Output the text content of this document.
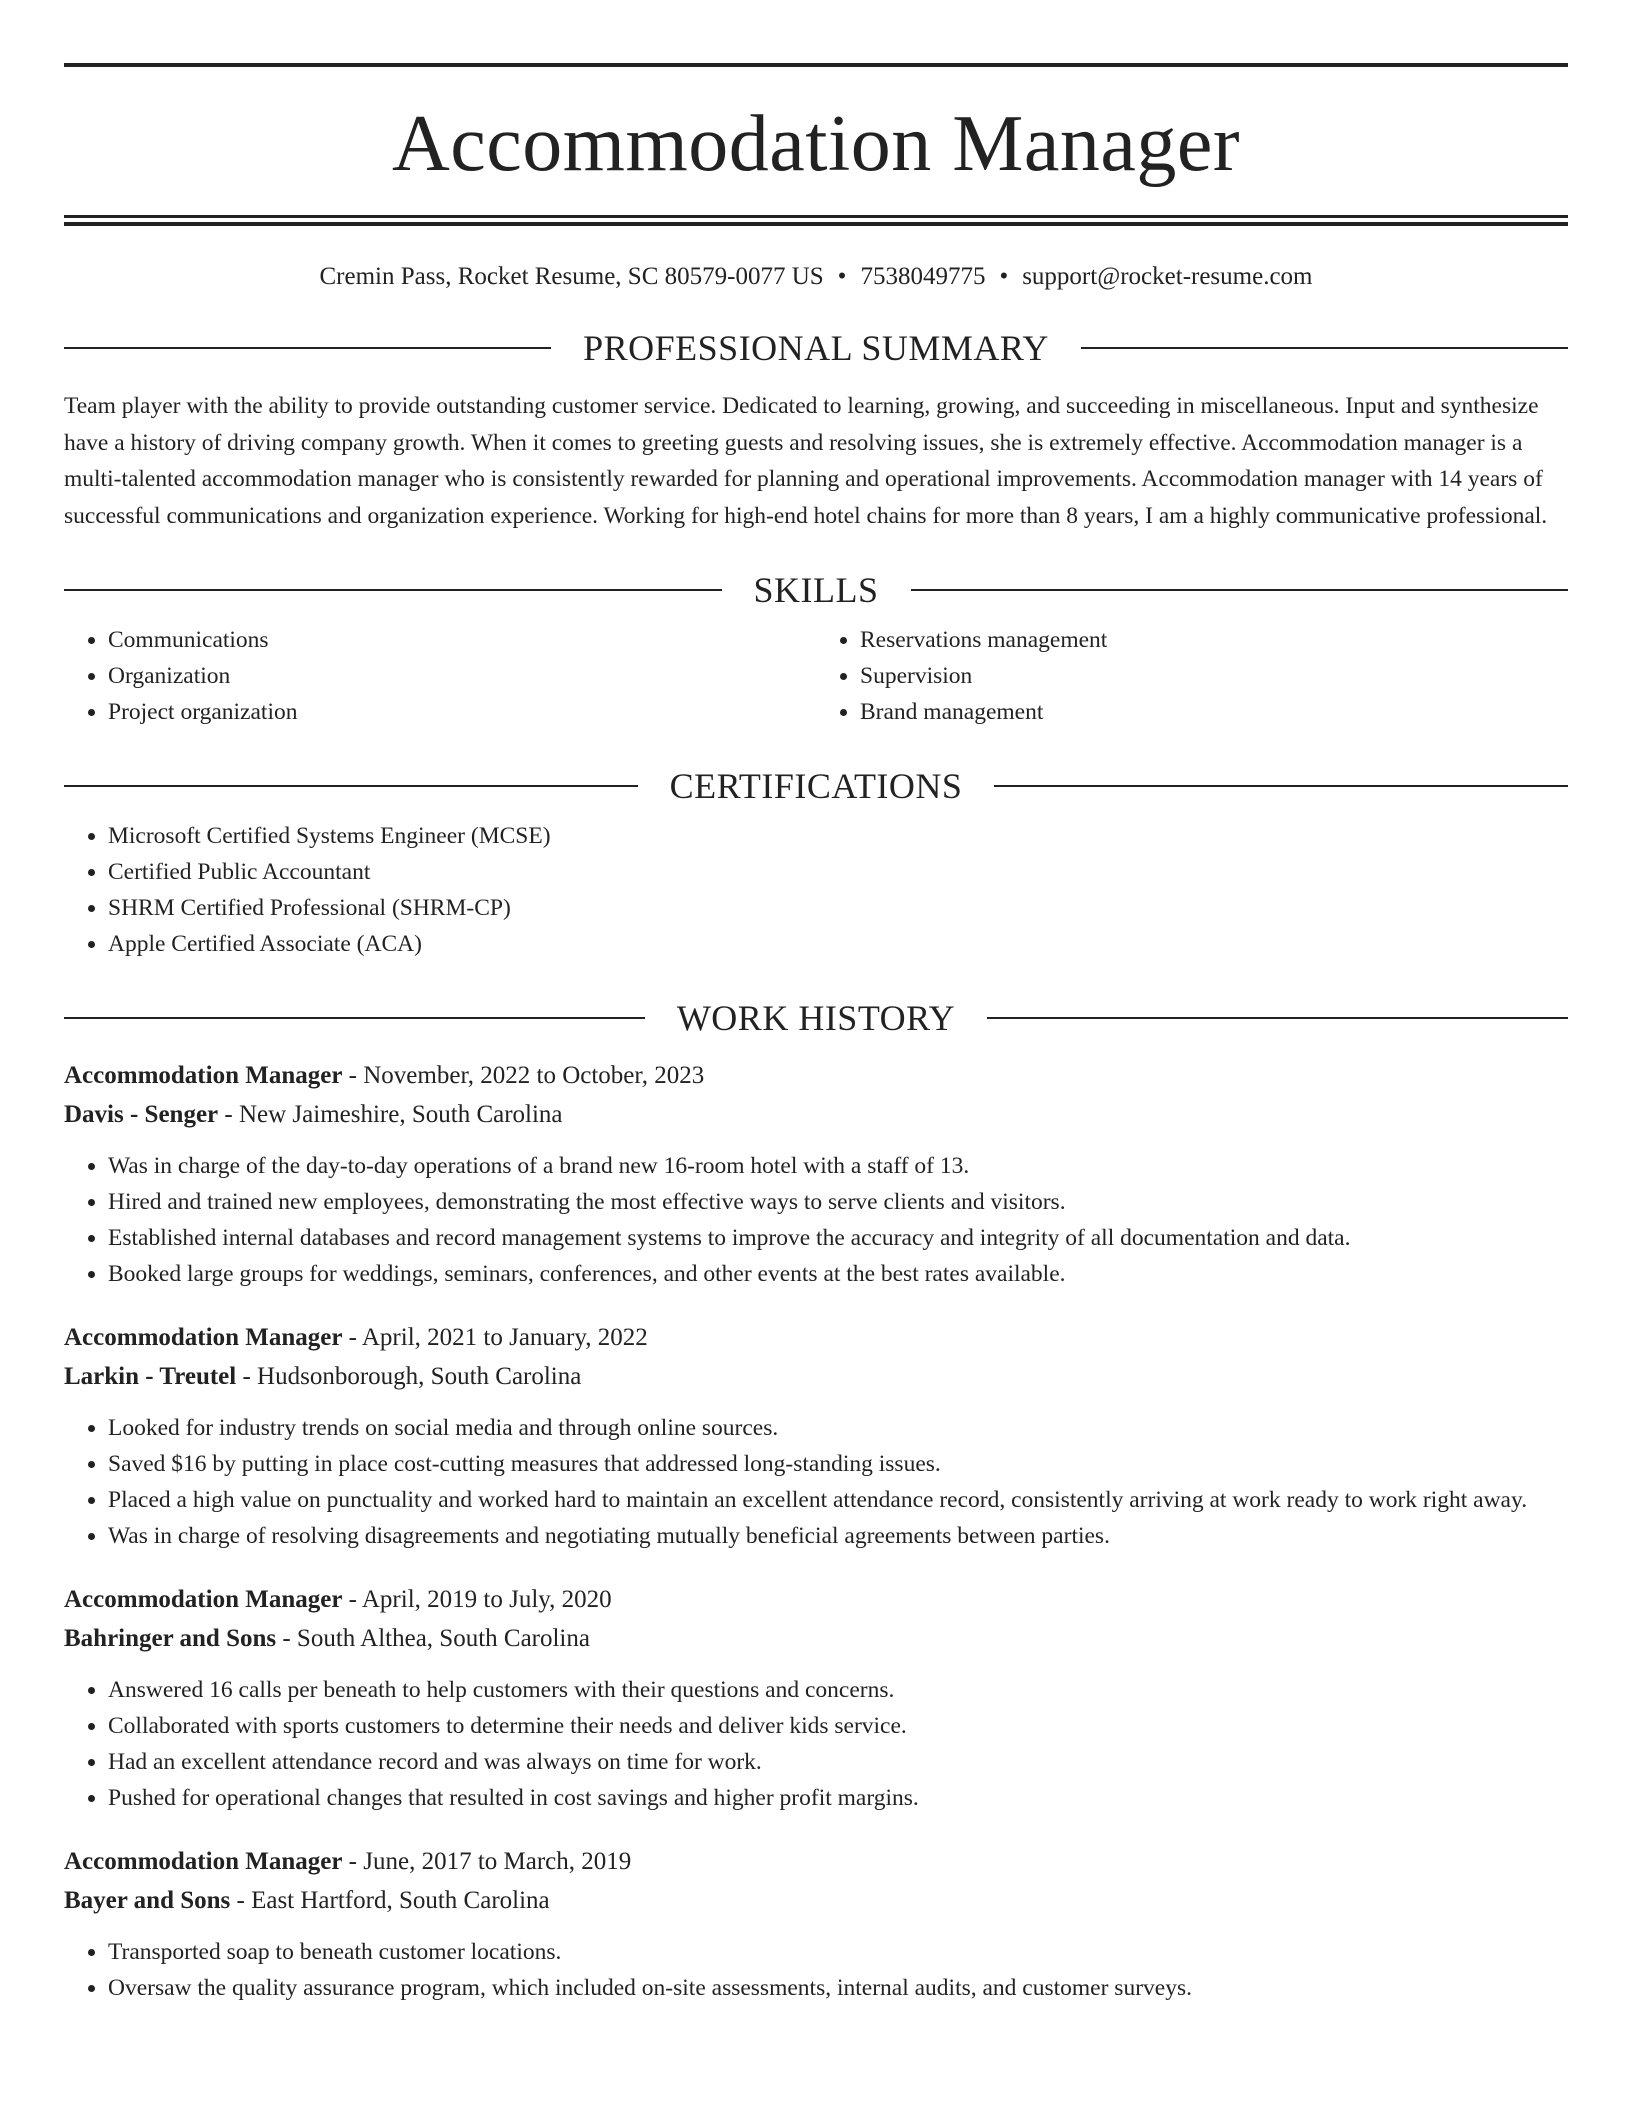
Accommodation Manager
Cremin Pass, Rocket Resume, SC 80579-0077 US • 7538049775 • support@rocket-resume.com
PROFESSIONAL SUMMARY

Team player with the ability to provide outstanding customer service. Dedicated to learning, growing, and succeeding in miscellaneous. Input and synthesize have a history of driving company growth. When it comes to greeting guests and resolving issues, she is extremely effective. Accommodation manager is a multi-talented accommodation manager who is consistently rewarded for planning and operational improvements. Accommodation manager with 14 years of successful communications and organization experience. Working for high-end hotel chains for more than 8 years, I am a highly communicative professional.

SKILLS
• Communications
• Organization
• Project organization
• Reservations management
• Supervision
• Brand management
CERTIFICATIONS
• Microsoft Certified Systems Engineer (MCSE)
• Certified Public Accountant
• SHRM Certified Professional (SHRM-CP)
• Apple Certified Associate (ACA)
WORK HISTORY
Accommodation Manager - November, 2022 to October, 2023
Davis - Senger - New Jaimeshire, South Carolina
• Was in charge of the day-to-day operations of a brand new 16-room hotel with a staff of 13.
• Hired and trained new employees, demonstrating the most effective ways to serve clients and visitors.
• Established internal databases and record management systems to improve the accuracy and integrity of all documentation and data.
• Booked large groups for weddings, seminars, conferences, and other events at the best rates available.
Accommodation Manager - April, 2021 to January, 2022
Larkin - Treutel - Hudsonborough, South Carolina
• Looked for industry trends on social media and through online sources.
• Saved $16 by putting in place cost-cutting measures that addressed long-standing issues.
• Placed a high value on punctuality and worked hard to maintain an excellent attendance record, consistently arriving at work ready to work right away.
• Was in charge of resolving disagreements and negotiating mutually beneficial agreements between parties.
Accommodation Manager - April, 2019 to July, 2020
Bahringer and Sons - South Althea, South Carolina
• Answered 16 calls per beneath to help customers with their questions and concerns.
• Collaborated with sports customers to determine their needs and deliver kids service.
• Had an excellent attendance record and was always on time for work.
• Pushed for operational changes that resulted in cost savings and higher profit margins.
Accommodation Manager - June, 2017 to March, 2019
Bayer and Sons - East Hartford, South Carolina
• Transported soap to beneath customer locations.
• Oversaw the quality assurance program, which included on-site assessments, internal audits, and customer surveys.
